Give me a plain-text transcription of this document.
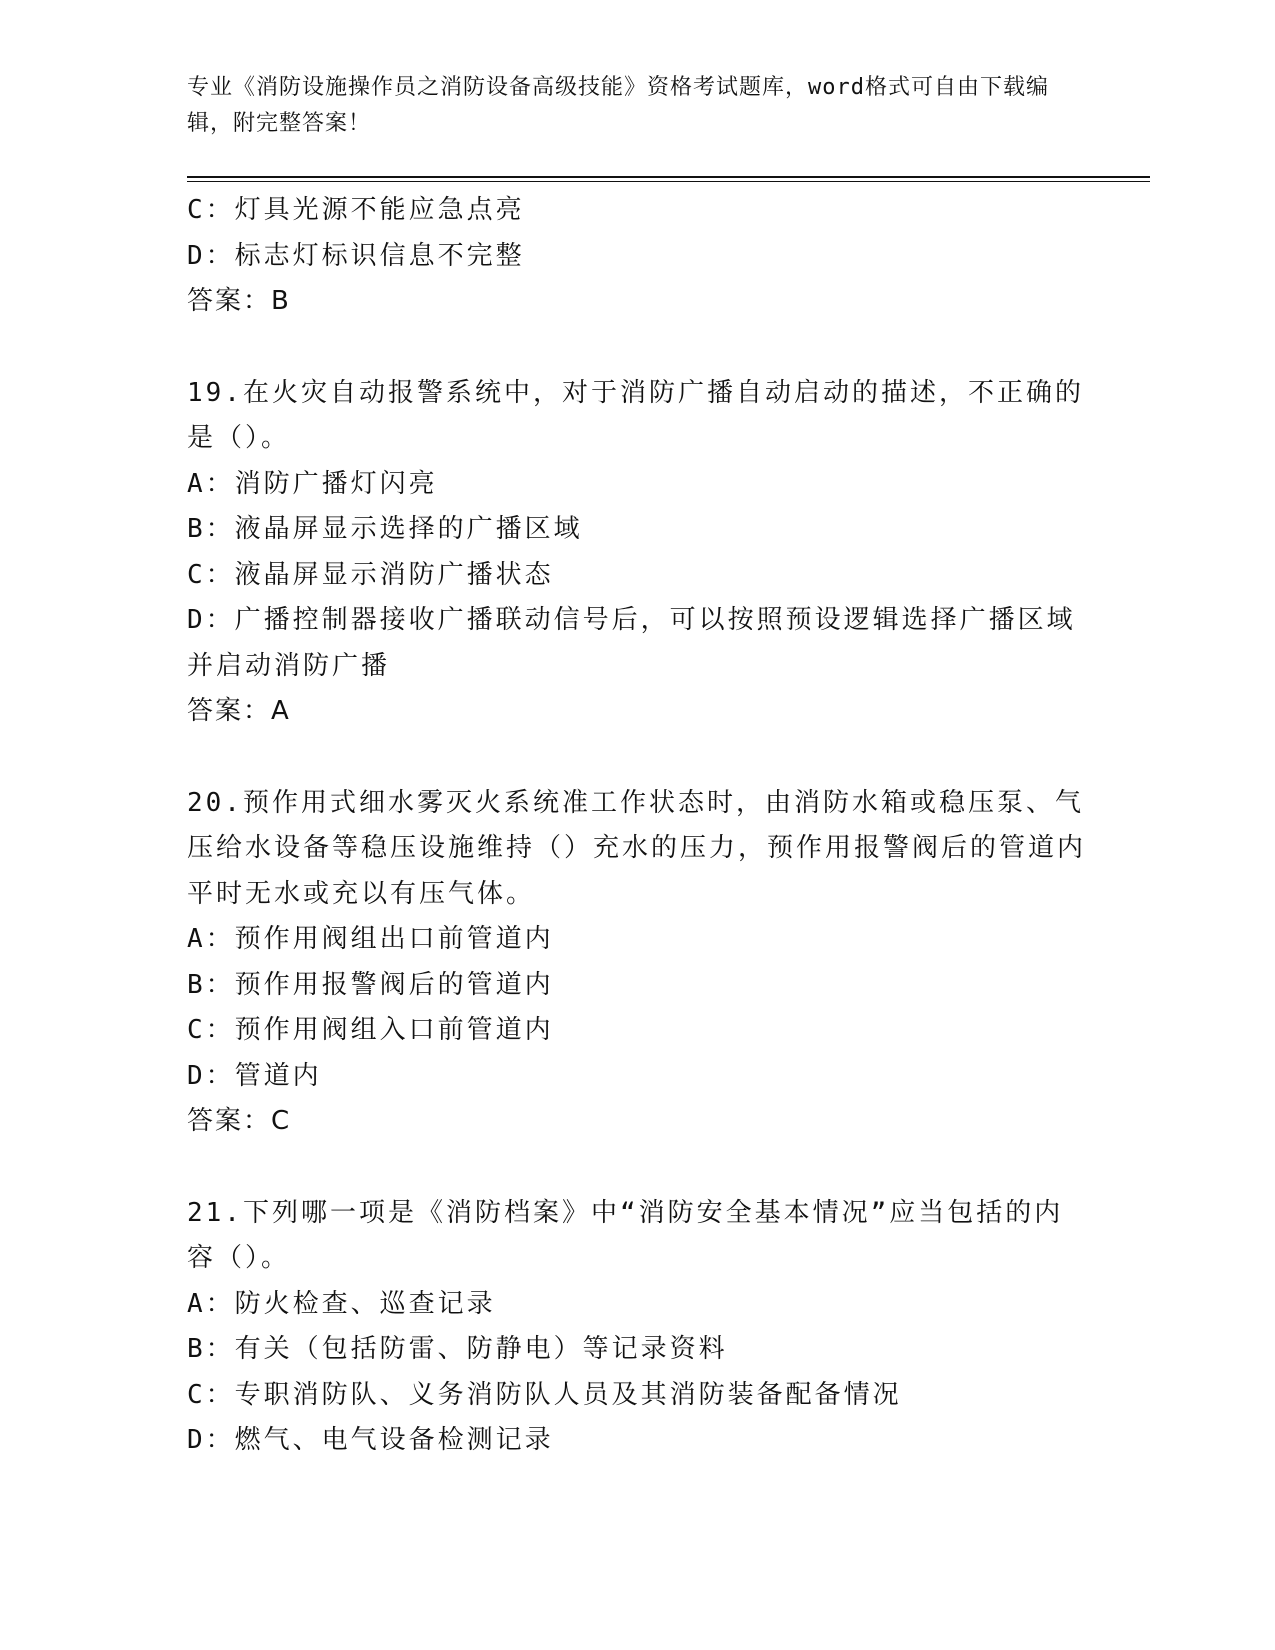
专业《消防设施操作员之消防设备高级技能》资格考试题库，word格式可自由下载编辑，附完整答案！
C：灯具光源不能应急点亮
D：标志灯标识信息不完整
答案：B
19.在火灾自动报警系统中，对于消防广播自动启动的描述，不正确的是（）。
A：消防广播灯闪亮
B：液晶屏显示选择的广播区域
C：液晶屏显示消防广播状态
D：广播控制器接收广播联动信号后，可以按照预设逻辑选择广播区域并启动消防广播
答案：A
20.预作用式细水雾灭火系统准工作状态时，由消防水箱或稳压泵、气压给水设备等稳压设施维持（）充水的压力，预作用报警阀后的管道内平时无水或充以有压气体。
A：预作用阀组出口前管道内
B：预作用报警阀后的管道内
C：预作用阀组入口前管道内
D：管道内
答案：C
21.下列哪一项是《消防档案》中“消防安全基本情况”应当包括的内容（）。
A：防火检查、巡查记录
B：有关（包括防雷、防静电）等记录资料
C：专职消防队、义务消防队人员及其消防装备配备情况
D：燃气、电气设备检测记录
